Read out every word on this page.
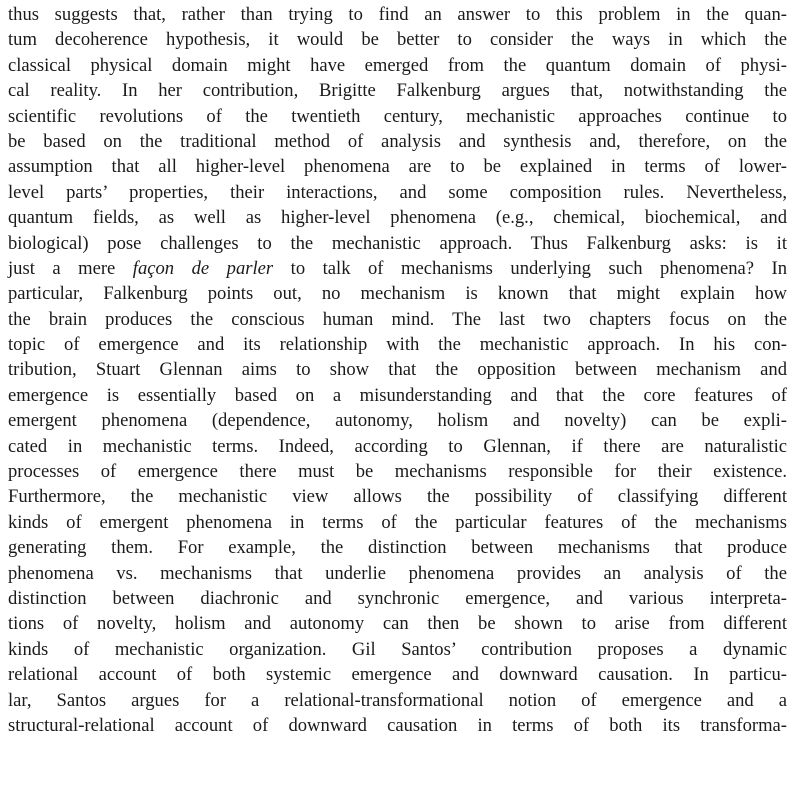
thus suggests that, rather than trying to find an answer to this problem in the quan-
tum decoherence hypothesis, it would be better to consider the ways in which the
classical physical domain might have emerged from the quantum domain of physi-
cal reality. In her contribution, Brigitte Falkenburg argues that, notwithstanding the
scientific revolutions of the twentieth century, mechanistic approaches continue to
be based on the traditional method of analysis and synthesis and, therefore, on the
assumption that all higher-level phenomena are to be explained in terms of lower-
level parts’ properties, their interactions, and some composition rules. Nevertheless,
quantum fields, as well as higher-level phenomena (e.g., chemical, biochemical, and
biological) pose challenges to the mechanistic approach. Thus Falkenburg asks: is it
just a mere façon de parler to talk of mechanisms underlying such phenomena? In
particular, Falkenburg points out, no mechanism is known that might explain how
the brain produces the conscious human mind. The last two chapters focus on the
topic of emergence and its relationship with the mechanistic approach. In his con-
tribution, Stuart Glennan aims to show that the opposition between mechanism and
emergence is essentially based on a misunderstanding and that the core features of
emergent phenomena (dependence, autonomy, holism and novelty) can be expli-
cated in mechanistic terms. Indeed, according to Glennan, if there are naturalistic
processes of emergence there must be mechanisms responsible for their existence.
Furthermore, the mechanistic view allows the possibility of classifying different
kinds of emergent phenomena in terms of the particular features of the mechanisms
generating them. For example, the distinction between mechanisms that produce
phenomena vs. mechanisms that underlie phenomena provides an analysis of the
distinction between diachronic and synchronic emergence, and various interpreta-
tions of novelty, holism and autonomy can then be shown to arise from different
kinds of mechanistic organization. Gil Santos’ contribution proposes a dynamic
relational account of both systemic emergence and downward causation. In particu-
lar, Santos argues for a relational-transformational notion of emergence and a
structural-relational account of downward causation in terms of both its transforma-
